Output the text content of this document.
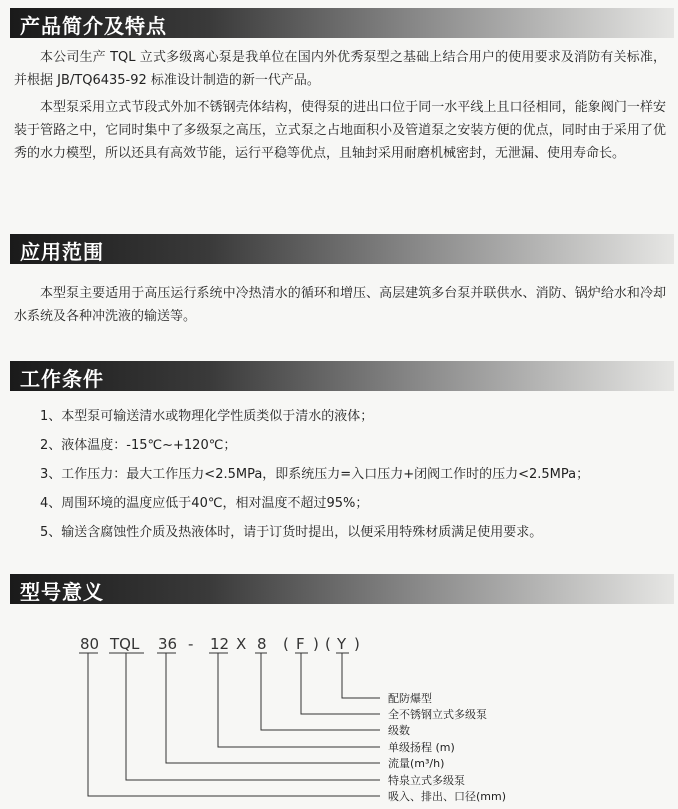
产品简介及特点

本公司生产 TQL 立式多级离心泵是我单位在国内外优秀泵型之基础上结合用户的使用要求及消防有关标准，并根据 JB/TQ6435-92 标准设计制造的新一代产品。

本型泵采用立式节段式外加不锈钢壳体结构，使得泵的进出口位于同一水平线上且口径相同，能象阀门一样安装于管路之中，它同时集中了多级泵之高压，立式泵之占地面积小及管道泵之安装方便的优点，同时由于采用了优秀的水力模型，所以还具有高效节能，运行平稳等优点，且轴封采用耐磨机械密封，无泄漏、使用寿命长。

应用范围

本型泵主要适用于高压运行系统中冷热清水的循环和增压、高层建筑多台泵并联供水、消防、锅炉给水和冷却水系统及各种冲洗液的输送等。

工作条件
1、本型泵可输送清水或物理化学性质类似于清水的液体；
2、液体温度：-15℃~+120℃；
3、工作压力：最大工作压力<2.5MPa，即系统压力=入口压力+闭阀工作时的压力<2.5MPa；
4、周围环境的温度应低于40℃，相对温度不超过95%；
5、输送含腐蚀性介质及热液体时，请于订货时提出，以便采用特殊材质满足使用要求。
型号意义
80 TQL 36 - 12 X 8 ( F ) ( Y )
配防爆型
全不锈钢立式多级泵
级数
单级扬程 (m)
流量(m³/h)
特泉立式多级泵
吸入、排出、口径(mm)
